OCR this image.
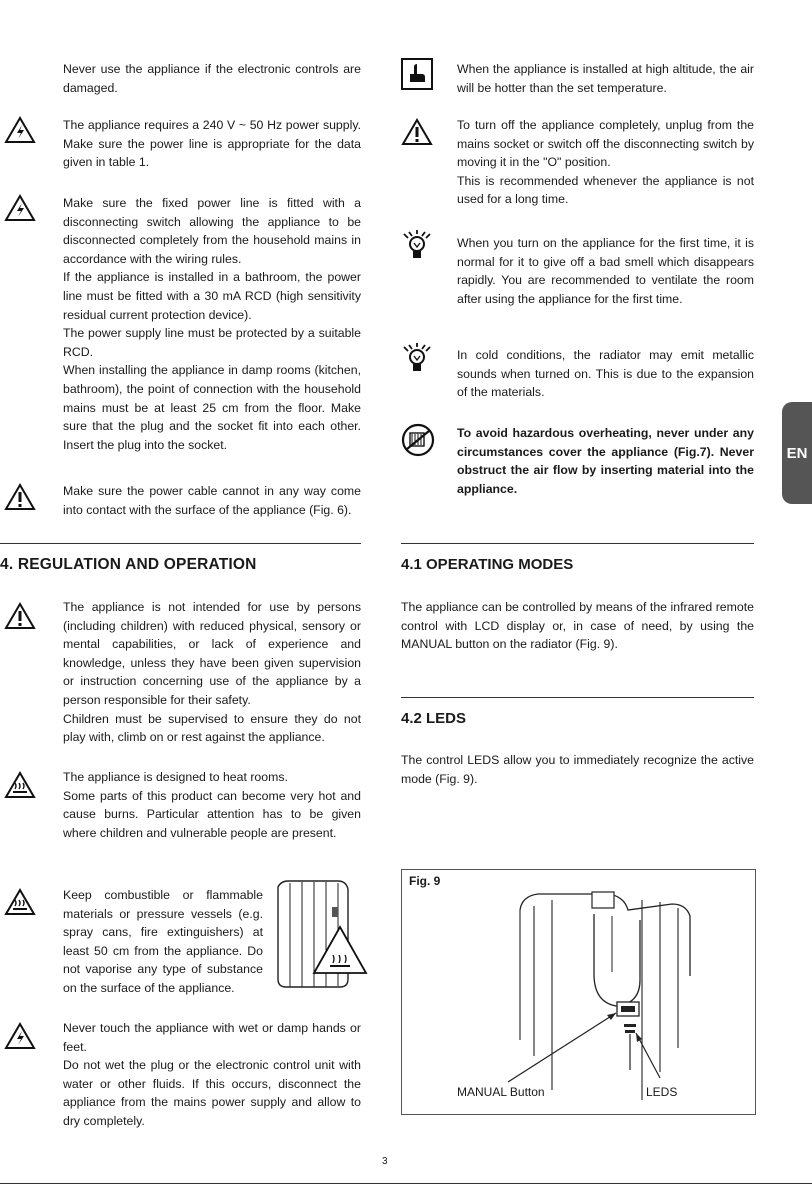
Never use the appliance if the electronic controls are damaged.

The appliance requires a 240 V ~ 50 Hz power supply. Make sure the power line is appropriate for the data given in table 1.

Make sure the fixed power line is fitted with a disconnecting switch allowing the appliance to be disconnected completely from the household mains in accordance with the wiring rules.

If the appliance is installed in a bathroom, the power line must be fitted with a 30 mA RCD (high sensitivity residual current protection device).

The power supply line must be protected by a suitable RCD.

When installing the appliance in damp rooms (kitchen, bathroom), the point of connection with the household mains must be at least 25 cm from the floor. Make sure that the plug and the socket fit into each other. Insert the plug into the socket.

Make sure the power cable cannot in any way come into contact with the surface of the appliance (Fig. 6).

4. REGULATION AND OPERATION

The appliance is not intended for use by persons (including children) with reduced physical, sensory or mental capabilities, or lack of experience and knowledge, unless they have been given supervision or instruction concerning use of the appliance by a person responsible for their safety.

Children must be supervised to ensure they do not play with, climb on or rest against the appliance.

The appliance is designed to heat rooms.

Some parts of this product can become very hot and cause burns. Particular attention has to be given where children and vulnerable people are present.

Keep combustible or flammable materials or pressure vessels (e.g. spray cans, fire extinguishers) at least 50 cm from the appliance. Do not vaporise any type of substance on the surface of the appliance.

Never touch the appliance with wet or damp hands or feet.

Do not wet the plug or the electronic control unit with water or other fluids. If this occurs, disconnect the appliance from the mains power supply and allow to dry completely.

When the appliance is installed at high altitude, the air will be hotter than the set temperature.

To turn off the appliance completely, unplug from the mains socket or switch off the disconnecting switch by moving it in the "O" position.

This is recommended whenever the appliance is not used for a long time.

When you turn on the appliance for the first time, it is normal for it to give off a bad smell which disappears rapidly. You are recommended to ventilate the room after using the appliance for the first time.

In cold conditions, the radiator may emit metallic sounds when turned on. This is due to the expansion of the materials.

To avoid hazardous overheating, never under any circumstances cover the appliance (Fig.7). Never obstruct the air flow by inserting material into the appliance.

4.1 OPERATING MODES

The appliance can be controlled by means of the infrared remote control with LCD display or, in case of need, by using the MANUAL button on the radiator (Fig. 9).

4.2 LEDS

The control LEDS allow you to immediately recognize the active mode (Fig. 9).

Fig. 9
MANUAL Button	LEDS
EN
3
